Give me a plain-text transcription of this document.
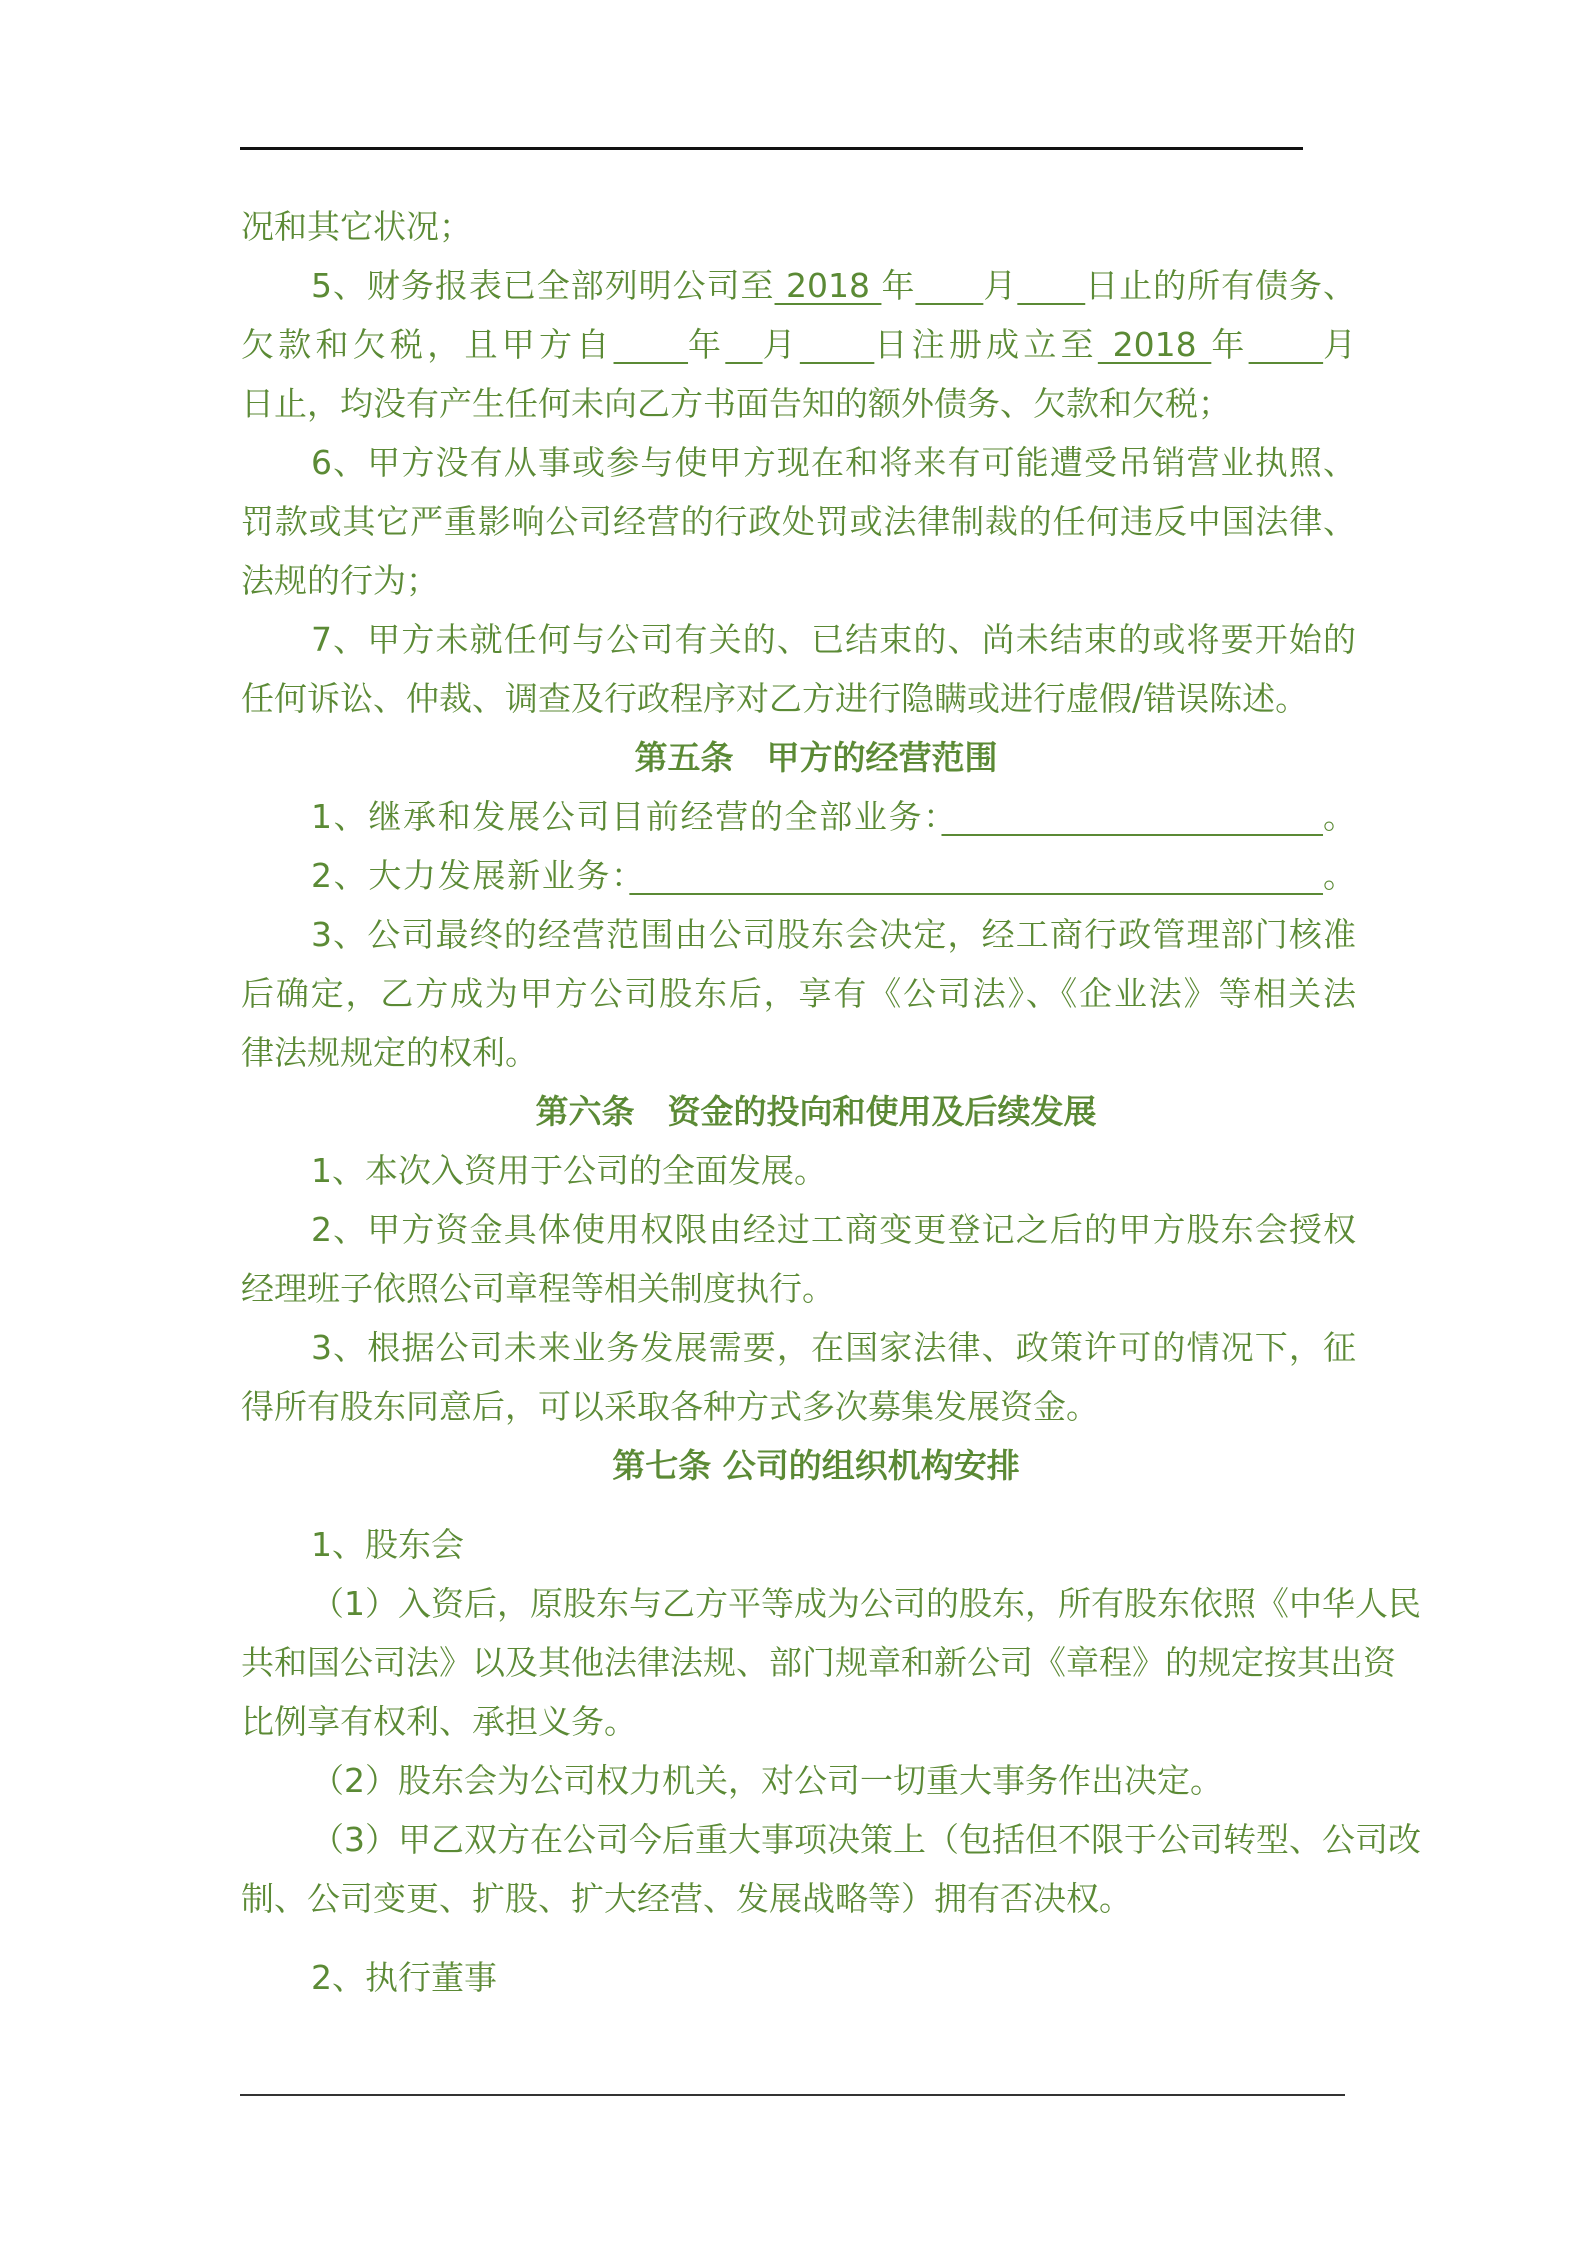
况和其它状况；
5、财务报表已全部列明公司至 2018 年　　 月　　 日止的所有债务、
欠款和欠税，且甲方自　　 年　 月　　 日注册成立至 2018 年　　 月
日止，均没有产生任何未向乙方书面告知的额外债务、欠款和欠税；
6、甲方没有从事或参与使甲方现在和将来有可能遭受吊销营业执照、
罚款或其它严重影响公司经营的行政处罚或法律制裁的任何违反中国法律、
法规的行为；
7、甲方未就任何与公司有关的、已结束的、尚未结束的或将要开始的
任何诉讼、仲裁、调查及行政程序对乙方进行隐瞒或进行虚假/错误陈述。
第五条　甲方的经营范围
1、继承和发展公司目前经营的全部业务：　　　　　　　　　　　	。
2、大力发展新业务：　　　　　　　　　　　　　　　　　　　　	。
3、公司最终的经营范围由公司股东会决定，经工商行政管理部门核准
后确定，乙方成为甲方公司股东后，享有《公司法》、《企业法》等相关法
律法规规定的权利。
第六条　资金的投向和使用及后续发展
1、本次入资用于公司的全面发展。
2、甲方资金具体使用权限由经过工商变更登记之后的甲方股东会授权
经理班子依照公司章程等相关制度执行。
3、根据公司未来业务发展需要，在国家法律、政策许可的情况下，征
得所有股东同意后，可以采取各种方式多次募集发展资金。
第七条 公司的组织机构安排
1、股东会
（1）入资后，原股东与乙方平等成为公司的股东，所有股东依照《中华人民
共和国公司法》以及其他法律法规、部门规章和新公司《章程》的规定按其出资
比例享有权利、承担义务。
（2）股东会为公司权力机关，对公司一切重大事务作出决定。
（3）甲乙双方在公司今后重大事项决策上（包括但不限于公司转型、公司改
制、公司变更、扩股、扩大经营、发展战略等）拥有否决权。
2、执行董事
